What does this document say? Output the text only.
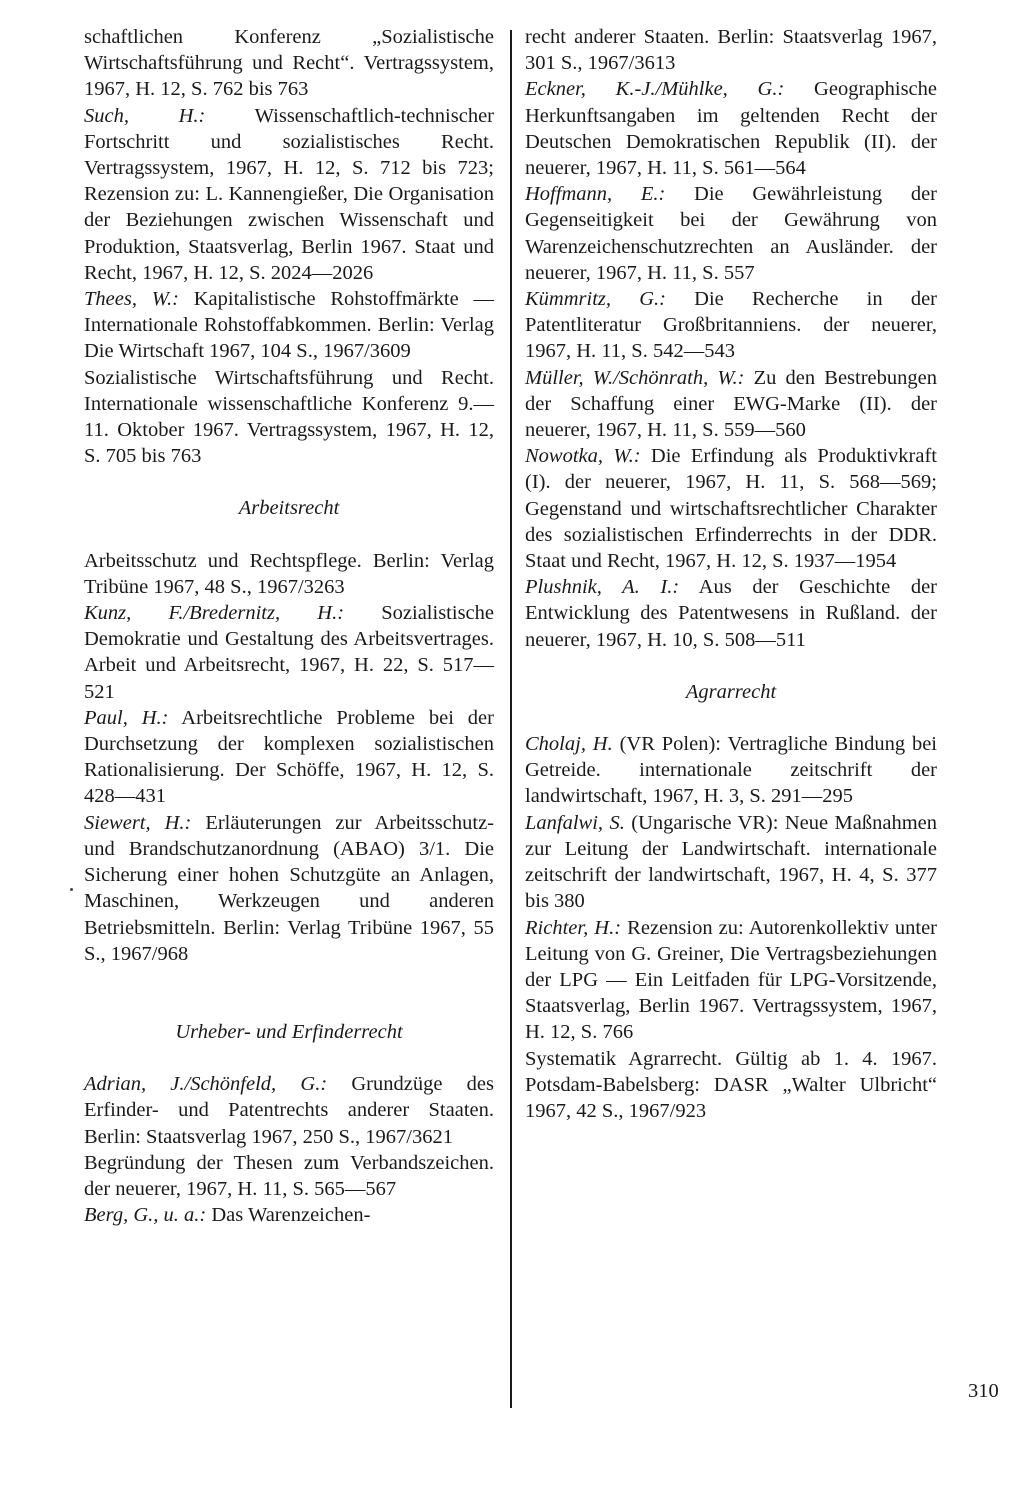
schaftlichen Konferenz „Sozialistische Wirtschaftsführung und Recht“. Vertragssystem, 1967, H. 12, S. 762 bis 763

Such, H.: Wissenschaftlich-technischer Fortschritt und sozialistisches Recht. Vertragssystem, 1967, H. 12, S. 712 bis 723; Rezension zu: L. Kannengießer, Die Organisation der Beziehungen zwischen Wissenschaft und Produktion, Staatsverlag, Berlin 1967. Staat und Recht, 1967, H. 12, S. 2024—2026

Thees, W.: Kapitalistische Rohstoffmärkte — Internationale Rohstoffabkommen. Berlin: Verlag Die Wirtschaft 1967, 104 S., 1967/3609

Sozialistische Wirtschaftsführung und Recht. Internationale wissenschaftliche Konferenz 9.—11. Oktober 1967. Vertragssystem, 1967, H. 12, S. 705 bis 763

Arbeitsrecht

Arbeitsschutz und Rechtspflege. Berlin: Verlag Tribüne 1967, 48 S., 1967/3263

Kunz, F./Bredernitz, H.: Sozialistische Demokratie und Gestaltung des Arbeitsvertrages. Arbeit und Arbeitsrecht, 1967, H. 22, S. 517—521

Paul, H.: Arbeitsrechtliche Probleme bei der Durchsetzung der komplexen sozialistischen Rationalisierung. Der Schöffe, 1967, H. 12, S. 428—431

Siewert, H.: Erläuterungen zur Arbeitsschutz- und Brandschutzanordnung (ABAO) 3/1. Die Sicherung einer hohen Schutzgüte an Anlagen, Maschinen, Werkzeugen und anderen Betriebsmitteln. Berlin: Verlag Tribüne 1967, 55 S., 1967/968

Urheber- und Erfinderrecht

Adrian, J./Schönfeld, G.: Grundzüge des Erfinder- und Patentrechts anderer Staaten. Berlin: Staatsverlag 1967, 250 S., 1967/3621

Begründung der Thesen zum Verbandszeichen. der neuerer, 1967, H. 11, S. 565—567

Berg, G., u. a.: Das Warenzeichen-

recht anderer Staaten. Berlin: Staatsverlag 1967, 301 S., 1967/3613

Eckner, K.-J./Mühlke, G.: Geographische Herkunftsangaben im geltenden Recht der Deutschen Demokratischen Republik (II). der neuerer, 1967, H. 11, S. 561—564

Hoffmann, E.: Die Gewährleistung der Gegenseitigkeit bei der Gewährung von Warenzeichenschutzrechten an Ausländer. der neuerer, 1967, H. 11, S. 557

Kümmritz, G.: Die Recherche in der Patentliteratur Großbritanniens. der neuerer, 1967, H. 11, S. 542—543

Müller, W./Schönrath, W.: Zu den Bestrebungen der Schaffung einer EWG-Marke (II). der neuerer, 1967, H. 11, S. 559—560

Nowotka, W.: Die Erfindung als Produktivkraft (I). der neuerer, 1967, H. 11, S. 568—569; Gegenstand und wirtschaftsrechtlicher Charakter des sozialistischen Erfinderrechts in der DDR. Staat und Recht, 1967, H. 12, S. 1937—1954

Plushnik, A. I.: Aus der Geschichte der Entwicklung des Patentwesens in Rußland. der neuerer, 1967, H. 10, S. 508—511

Agrarrecht

Cholaj, H. (VR Polen): Vertragliche Bindung bei Getreide. internationale zeitschrift der landwirtschaft, 1967, H. 3, S. 291—295

Lanfalwi, S. (Ungarische VR): Neue Maßnahmen zur Leitung der Landwirtschaft. internationale zeitschrift der landwirtschaft, 1967, H. 4, S. 377 bis 380

Richter, H.: Rezension zu: Autorenkollektiv unter Leitung von G. Greiner, Die Vertragsbeziehungen der LPG — Ein Leitfaden für LPG-Vorsitzende, Staatsverlag, Berlin 1967. Vertragssystem, 1967, H. 12, S. 766

Systematik Agrarrecht. Gültig ab 1. 4. 1967. Potsdam-Babelsberg: DASR „Walter Ulbricht“ 1967, 42 S., 1967/923

310
